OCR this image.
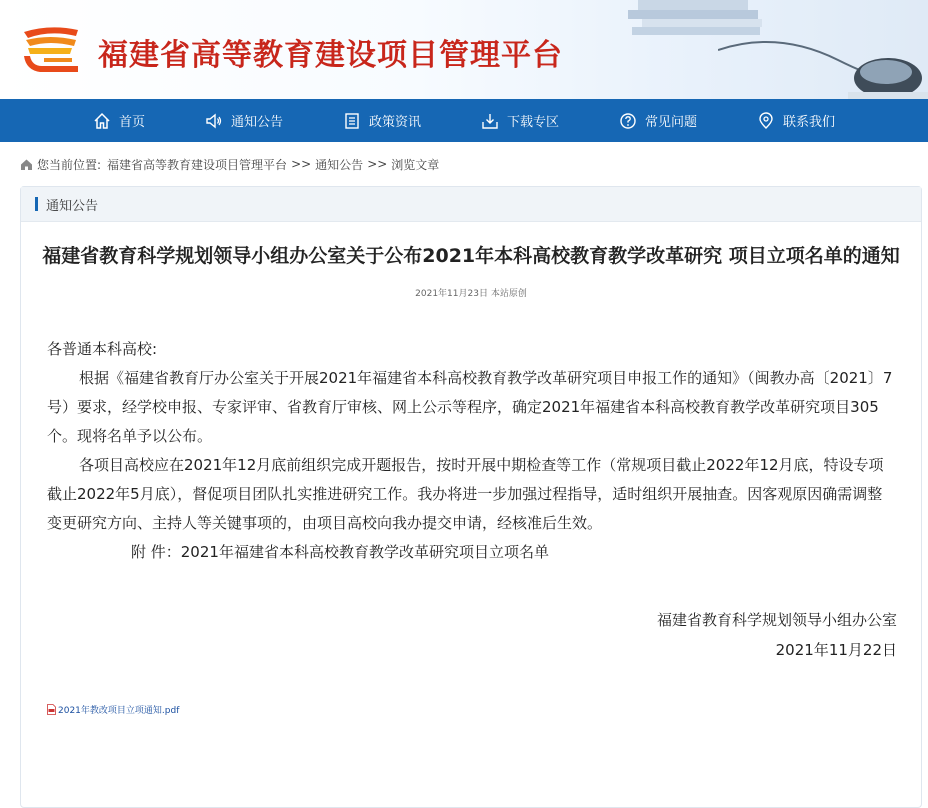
福建省高等教育建设项目管理平台
首页	通知公告	政策资讯	下载专区	常见问题	联系我们
您当前位置: 福建省高等教育建设项目管理平台 >> 通知公告 >> 浏览文章
通知公告
福建省教育科学规划领导小组办公室关于公布2021年本科高校教育教学改革研究 项目立项名单的通知
2021年11月23日 本站原创

各普通本科高校:

根据《福建省教育厅办公室关于开展2021年福建省本科高校教育教学改革研究项目申报工作的通知》（闽教办高〔2021〕7号）要求，经学校申报、专家评审、省教育厅审核、网上公示等程序，确定2021年福建省本科高校教育教学改革研究项目305个。现将名单予以公布。

各项目高校应在2021年12月底前组织完成开题报告，按时开展中期检查等工作（常规项目截止2022年12月底，特设专项截止2022年5月底），督促项目团队扎实推进研究工作。我办将进一步加强过程指导，适时组织开展抽查。因客观原因确需调整变更研究方向、主持人等关键事项的，由项目高校向我办提交申请，经核准后生效。

附 件：2021年福建省本科高校教育教学改革研究项目立项名单

福建省教育科学规划领导小组办公室
2021年11月22日
2021年教改项目立项通知.pdf
